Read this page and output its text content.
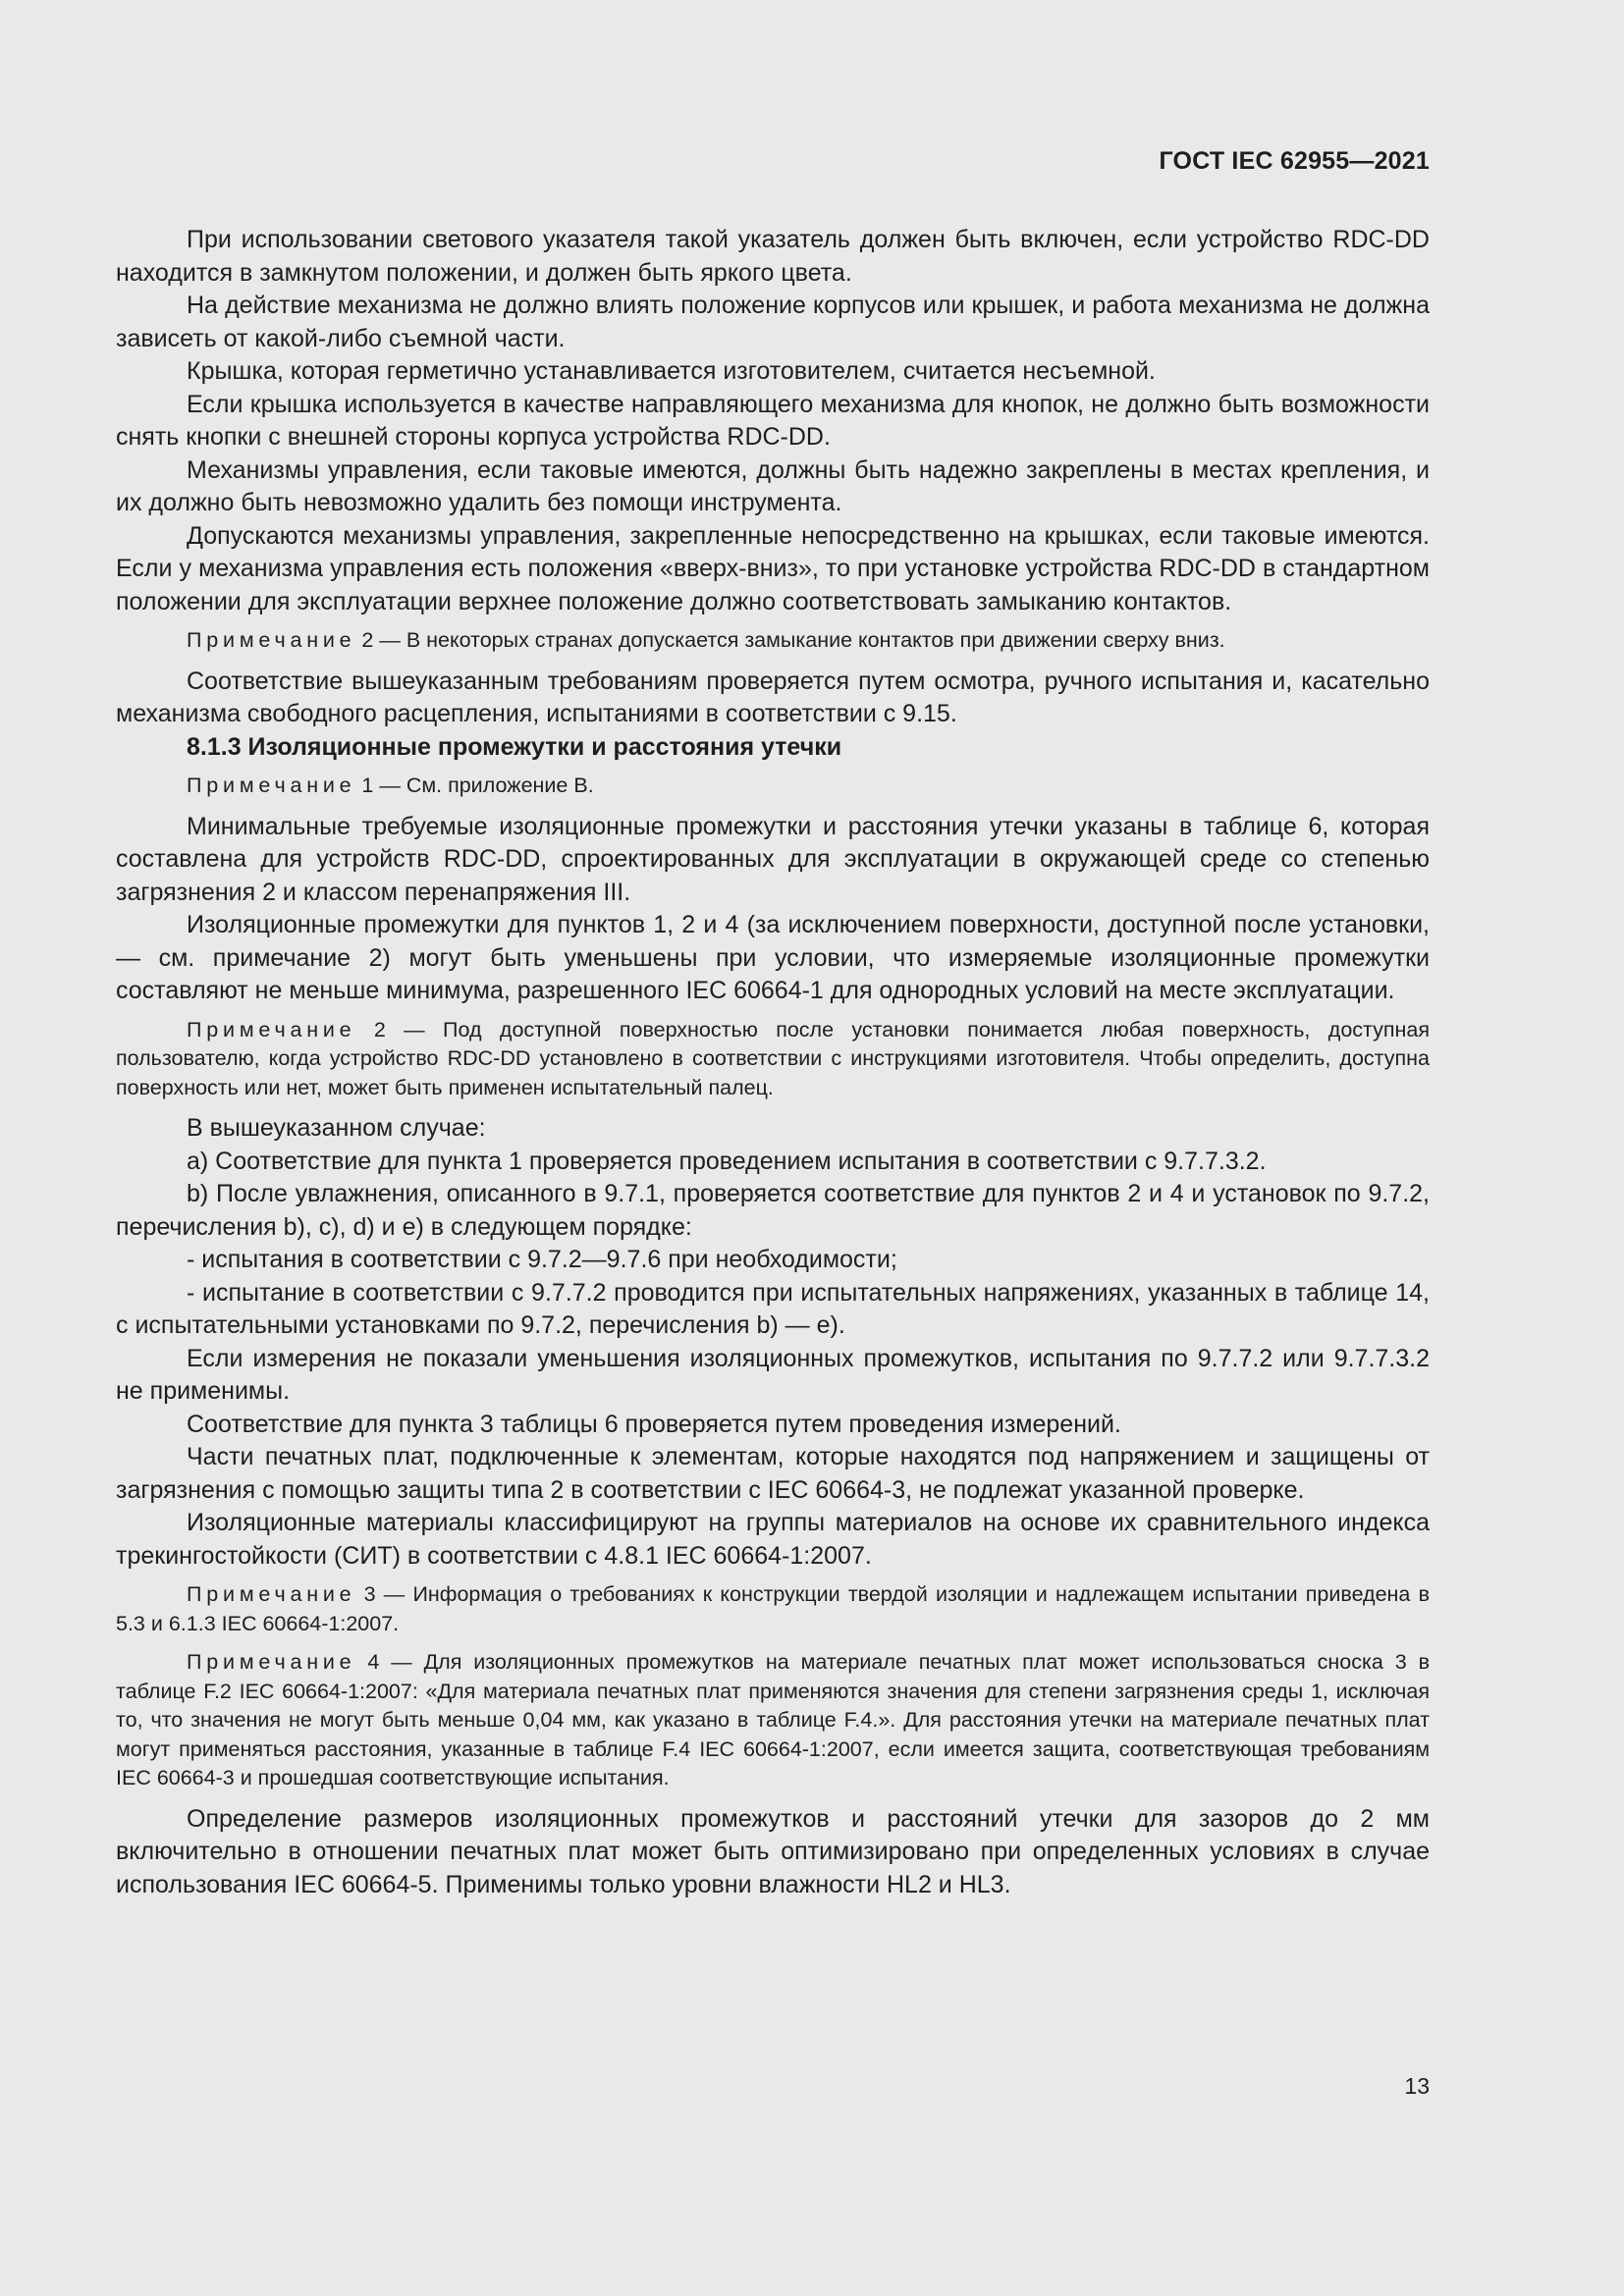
ГОСТ IEC 62955—2021

При использовании светового указателя такой указатель должен быть включен, если устройство RDC-DD находится в замкнутом положении, и должен быть яркого цвета.

На действие механизма не должно влиять положение корпусов или крышек, и работа механизма не должна зависеть от какой-либо съемной части.

Крышка, которая герметично устанавливается изготовителем, считается несъемной.

Если крышка используется в качестве направляющего механизма для кнопок, не должно быть возможности снять кнопки с внешней стороны корпуса устройства RDC-DD.

Механизмы управления, если таковые имеются, должны быть надежно закреплены в местах крепления, и их должно быть невозможно удалить без помощи инструмента.

Допускаются механизмы управления, закрепленные непосредственно на крышках, если таковые имеются. Если у механизма управления есть положения «вверх-вниз», то при установке устройства RDC-DD в стандартном положении для эксплуатации верхнее положение должно соответствовать замыканию контактов.

Примечание 2 — В некоторых странах допускается замыкание контактов при движении сверху вниз.

Соответствие вышеуказанным требованиям проверяется путем осмотра, ручного испытания и, касательно механизма свободного расцепления, испытаниями в соответствии с 9.15.

8.1.3 Изоляционные промежутки и расстояния утечки

Примечание 1 — См. приложение В.

Минимальные требуемые изоляционные промежутки и расстояния утечки указаны в таблице 6, которая составлена для устройств RDC-DD, спроектированных для эксплуатации в окружающей среде со степенью загрязнения 2 и классом перенапряжения III.

Изоляционные промежутки для пунктов 1, 2 и 4 (за исключением поверхности, доступной после установки, — см. примечание 2) могут быть уменьшены при условии, что измеряемые изоляционные промежутки составляют не меньше минимума, разрешенного IEC 60664-1 для однородных условий на месте эксплуатации.

Примечание 2 — Под доступной поверхностью после установки понимается любая поверхность, доступная пользователю, когда устройство RDC-DD установлено в соответствии с инструкциями изготовителя. Чтобы определить, доступна поверхность или нет, может быть применен испытательный палец.

В вышеуказанном случае:

a) Соответствие для пункта 1 проверяется проведением испытания в соответствии с 9.7.7.3.2.

b) После увлажнения, описанного в 9.7.1, проверяется соответствие для пунктов 2 и 4 и установок по 9.7.2, перечисления b), c), d) и e) в следующем порядке:

- испытания в соответствии с 9.7.2—9.7.6 при необходимости;

- испытание в соответствии с 9.7.7.2 проводится при испытательных напряжениях, указанных в таблице 14, с испытательными установками по 9.7.2, перечисления b) — e).

Если измерения не показали уменьшения изоляционных промежутков, испытания по 9.7.7.2 или 9.7.7.3.2 не применимы.

Соответствие для пункта 3 таблицы 6 проверяется путем проведения измерений.

Части печатных плат, подключенные к элементам, которые находятся под напряжением и защищены от загрязнения с помощью защиты типа 2 в соответствии с IEC 60664-3, не подлежат указанной проверке.

Изоляционные материалы классифицируют на группы материалов на основе их сравнительного индекса трекингостойкости (СИТ) в соответствии с 4.8.1 IEC 60664-1:2007.

Примечание 3 — Информация о требованиях к конструкции твердой изоляции и надлежащем испытании приведена в 5.3 и 6.1.3 IEC 60664-1:2007.

Примечание 4 — Для изоляционных промежутков на материале печатных плат может использоваться сноска 3 в таблице F.2 IEC 60664-1:2007: «Для материала печатных плат применяются значения для степени загрязнения среды 1, исключая то, что значения не могут быть меньше 0,04 мм, как указано в таблице F.4.». Для расстояния утечки на материале печатных плат могут применяться расстояния, указанные в таблице F.4 IEC 60664-1:2007, если имеется защита, соответствующая требованиям IEC 60664-3 и прошедшая соответствующие испытания.

Определение размеров изоляционных промежутков и расстояний утечки для зазоров до 2 мм включительно в отношении печатных плат может быть оптимизировано при определенных условиях в случае использования IEC 60664-5. Применимы только уровни влажности HL2 и HL3.

13
